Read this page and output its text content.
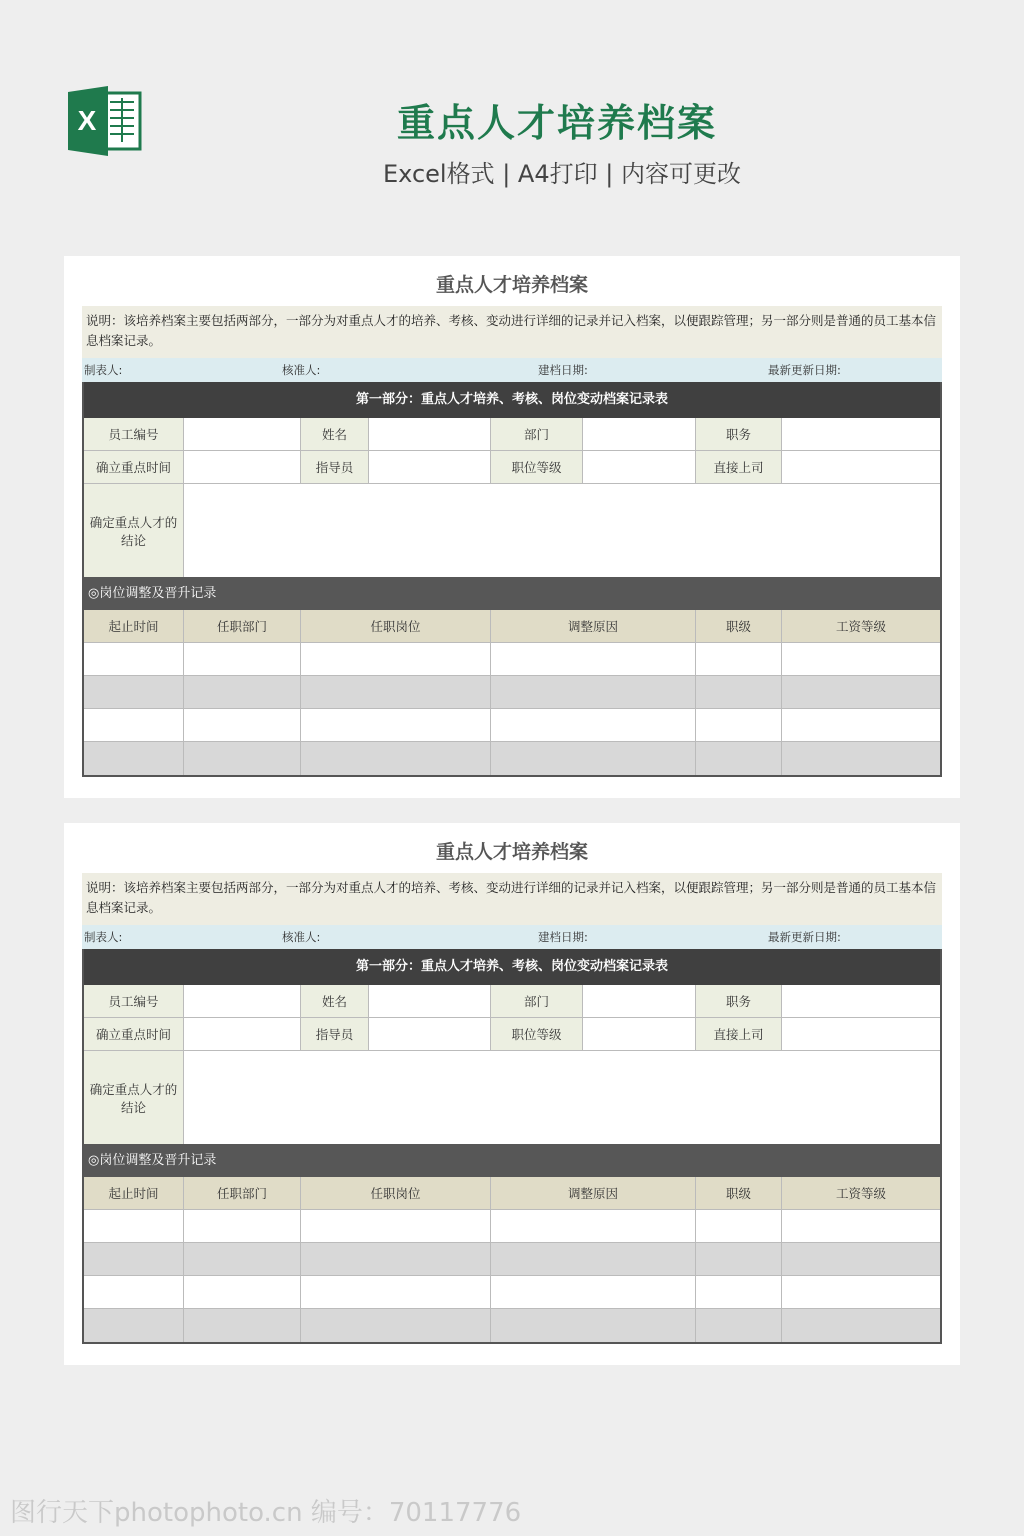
X	重点人才培养档案
Excel格式 | A4打印 | 内容可更改
重点人才培养档案
说明：该培养档案主要包括两部分，一部分为对重点人才的培养、考核、变动进行详细的记录并记入档案，以便跟踪管理；另一部分则是普通的员工基本信息档案记录。
制表人:	核准人:	建档日期:	最新更新日期:
第一部分：重点人才培养、考核、岗位变动档案记录表
员工编号	姓名	部门	职务
确立重点时间	指导员	职位等级	直接上司
确定重点人才的结论
◎岗位调整及晋升记录
起止时间	任职部门	任职岗位	调整原因	职级	工资等级
重点人才培养档案
说明：该培养档案主要包括两部分，一部分为对重点人才的培养、考核、变动进行详细的记录并记入档案，以便跟踪管理；另一部分则是普通的员工基本信息档案记录。
制表人:	核准人:	建档日期:	最新更新日期:
第一部分：重点人才培养、考核、岗位变动档案记录表
员工编号	姓名	部门	职务
确立重点时间	指导员	职位等级	直接上司
确定重点人才的结论
◎岗位调整及晋升记录
起止时间	任职部门	任职岗位	调整原因	职级	工资等级
图行天下photophoto.cn 编号：70117776
